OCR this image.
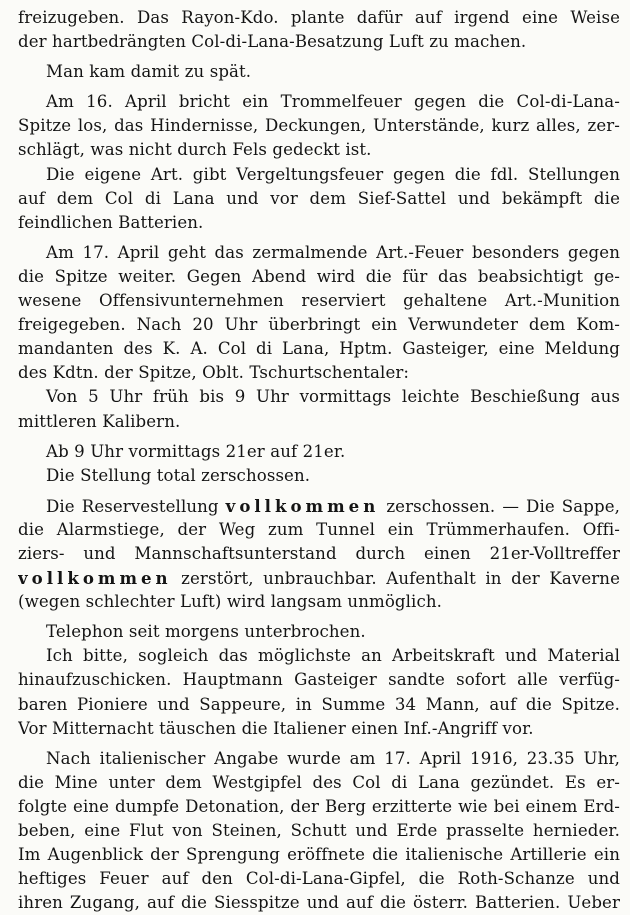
freizugeben. Das Rayon-Kdo. plante dafür auf irgend eine Weise
der hartbedrängten Col-di-Lana-Besatzung Luft zu machen.
Man kam damit zu spät.
Am 16. April bricht ein Trommelfeuer gegen die Col-di-Lana-
Spitze los, das Hindernisse, Deckungen, Unterstände, kurz alles, zer-
schlägt, was nicht durch Fels gedeckt ist.
Die eigene Art. gibt Vergeltungsfeuer gegen die fdl. Stellungen
auf dem Col di Lana und vor dem Sief-Sattel und bekämpft die
feindlichen Batterien.
Am 17. April geht das zermalmende Art.-Feuer besonders gegen
die Spitze weiter. Gegen Abend wird die für das beabsichtigt ge-
wesene Offensivunternehmen reserviert gehaltene Art.-Munition
freigegeben. Nach 20 Uhr überbringt ein Verwundeter dem Kom-
mandanten des K. A. Col di Lana, Hptm. Gasteiger, eine Meldung
des Kdtn. der Spitze, Oblt. Tschurtschentaler:
Von 5 Uhr früh bis 9 Uhr vormittags leichte Beschießung aus
mittleren Kalibern.
Ab 9 Uhr vormittags 21er auf 21er.
Die Stellung total zerschossen.
Die Reservestellung vollkommen zerschossen. — Die Sappe,
die Alarmstiege, der Weg zum Tunnel ein Trümmerhaufen. Offi-
ziers- und Mannschaftsunterstand durch einen 21er-Volltreffer
vollkommen zerstört, unbrauchbar. Aufenthalt in der Kaverne
(wegen schlechter Luft) wird langsam unmöglich.
Telephon seit morgens unterbrochen.
Ich bitte, sogleich das möglichste an Arbeitskraft und Material
hinaufzuschicken. Hauptmann Gasteiger sandte sofort alle verfüg-
baren Pioniere und Sappeure, in Summe 34 Mann, auf die Spitze.
Vor Mitternacht täuschen die Italiener einen Inf.-Angriff vor.
Nach italienischer Angabe wurde am 17. April 1916, 23.35 Uhr,
die Mine unter dem Westgipfel des Col di Lana gezündet. Es er-
folgte eine dumpfe Detonation, der Berg erzitterte wie bei einem Erd-
beben, eine Flut von Steinen, Schutt und Erde prasselte hernieder.
Im Augenblick der Sprengung eröffnete die italienische Artillerie ein
heftiges Feuer auf den Col-di-Lana-Gipfel, die Roth-Schanze und
ihren Zugang, auf die Siesspitze und auf die österr. Batterien. Ueber
